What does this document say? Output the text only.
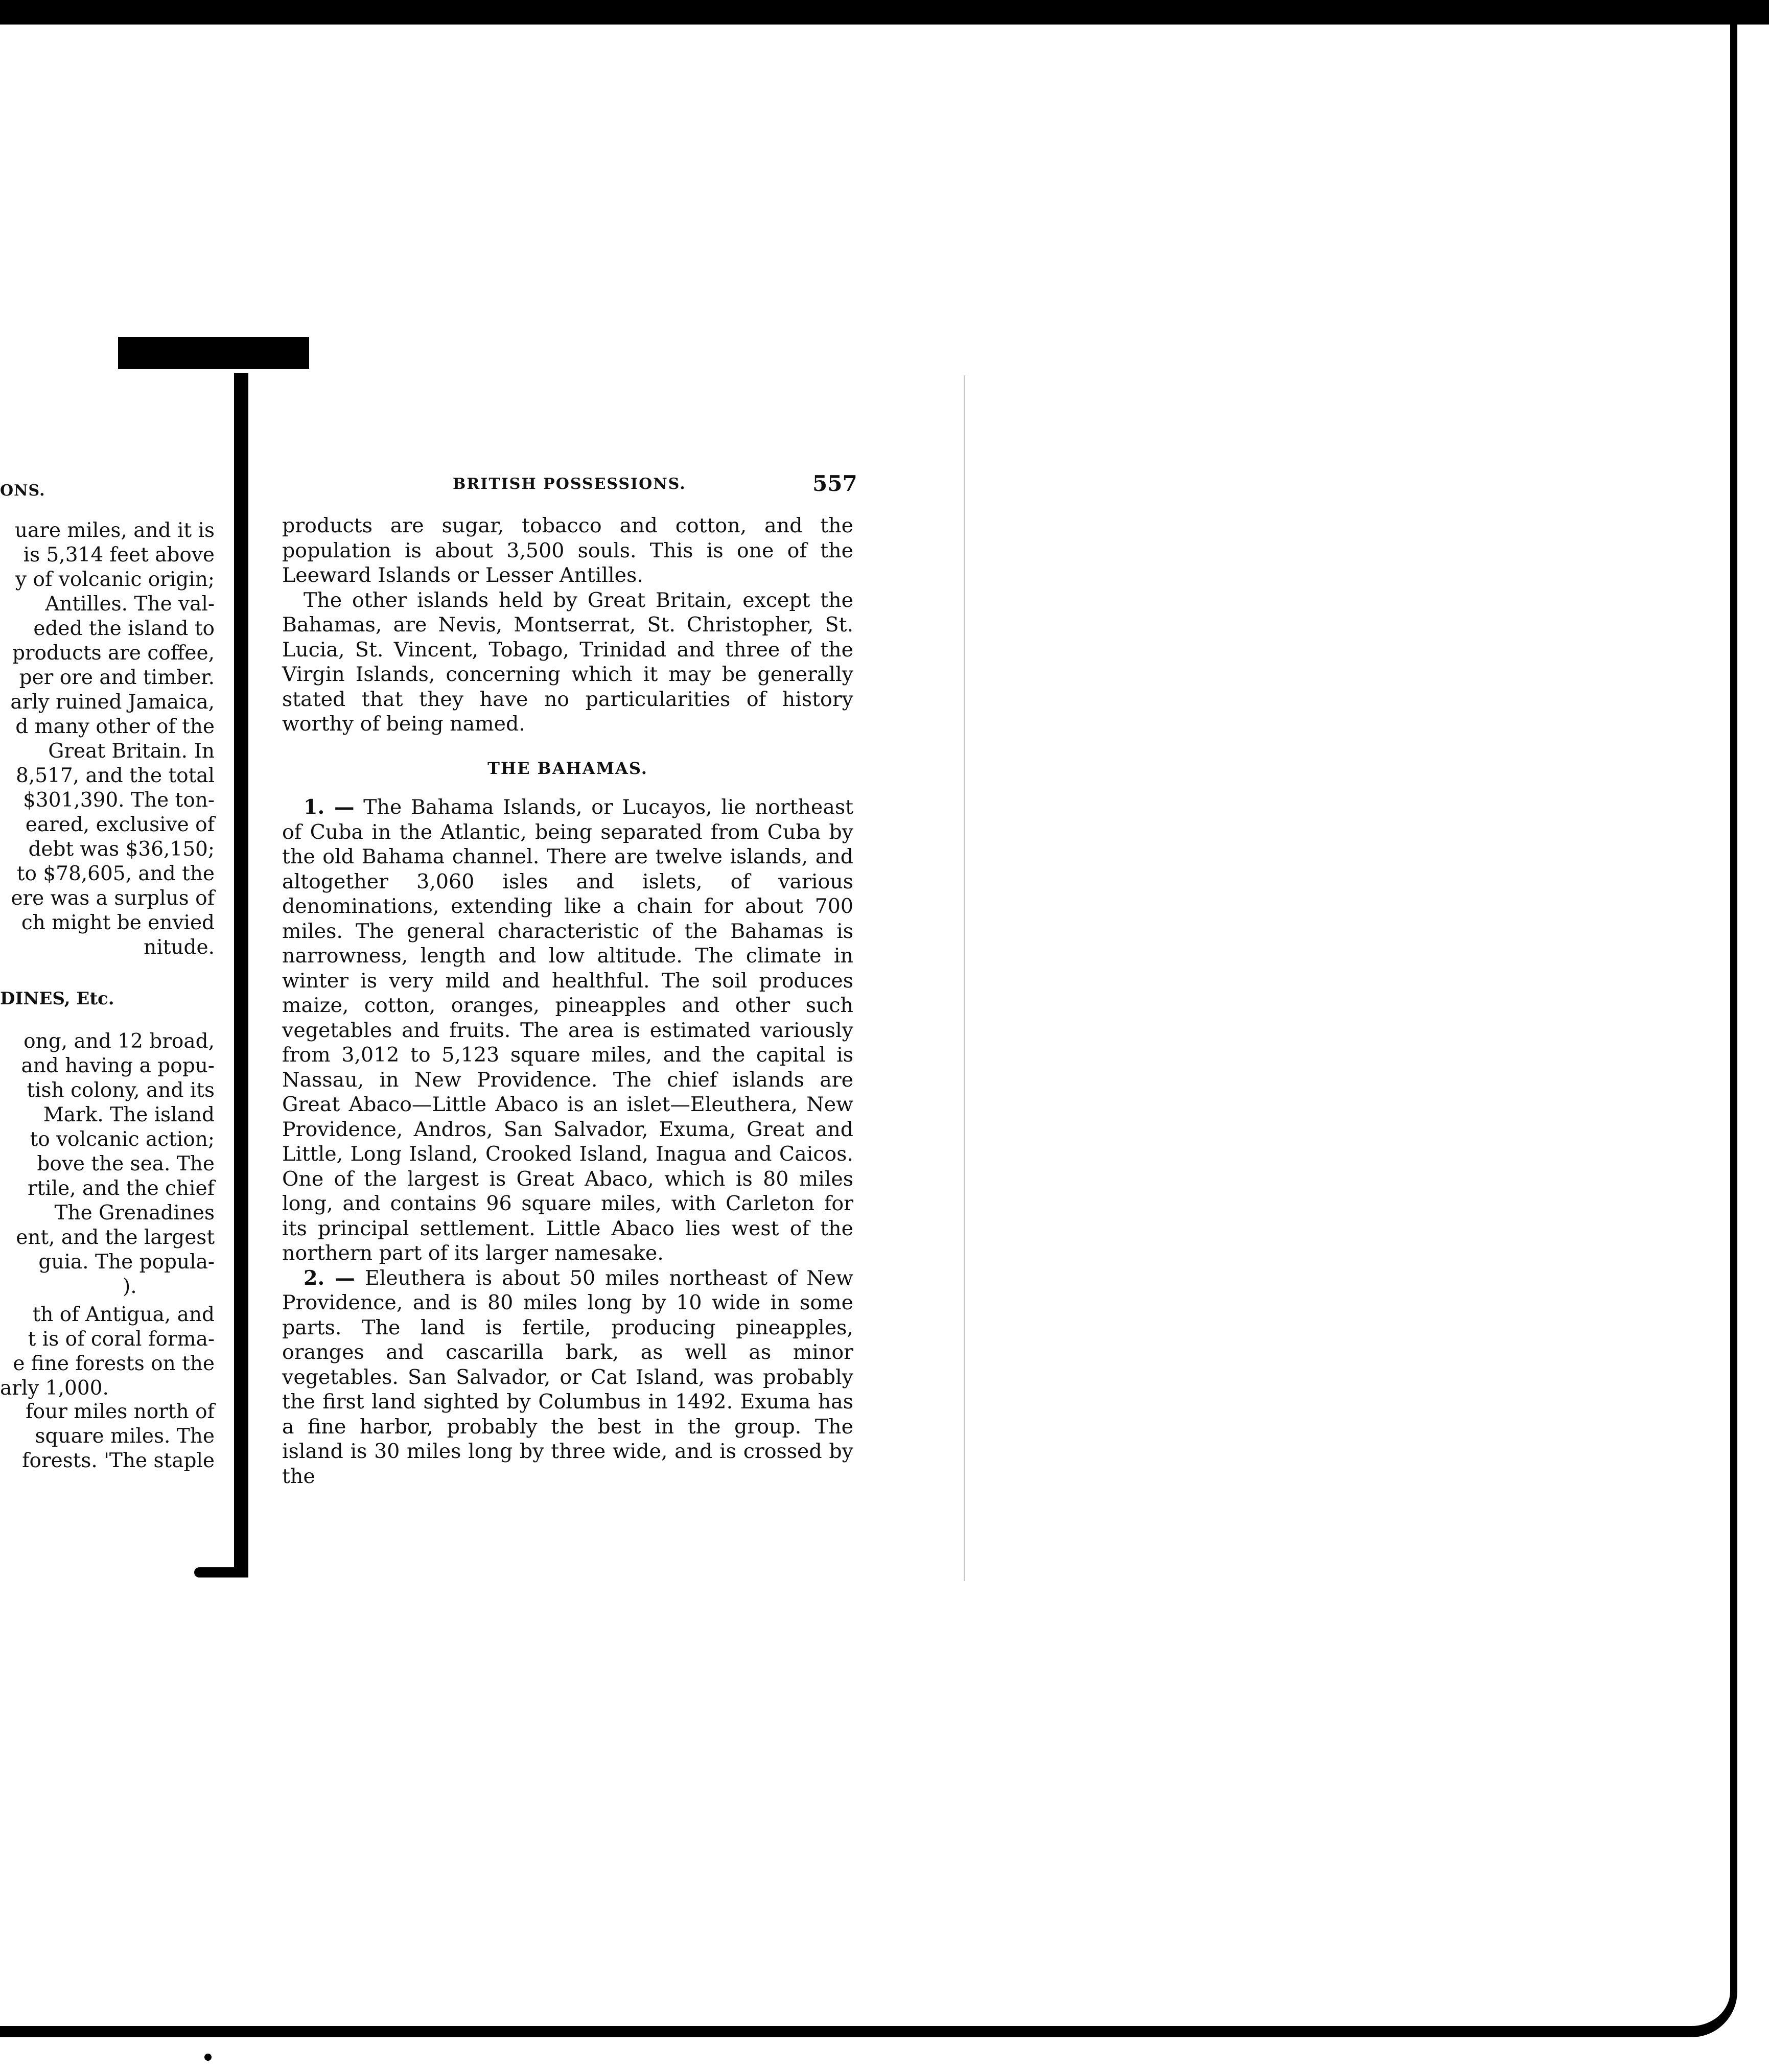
ONS.
uare miles, and it is
is 5,314 feet above
y of volcanic origin;
Antilles. The val-
eded the island to
products are coffee,
per ore and timber.
arly ruined Jamaica,
d many other of the
Great Britain. In
8,517, and the total
$301,390. The ton-
eared, exclusive of
debt was $36,150;
to $78,605, and the
ere was a surplus of
ch might be envied
nitude.
DINES, Etc.
ong, and 12 broad,
and having a popu-
tish colony, and its
Mark. The island
to volcanic action;
bove the sea. The
rtile, and the chief
The Grenadines
ent, and the largest
guia. The popula-
).
th of Antigua, and
t is of coral forma-
e fine forests on the
arly 1,000.
four miles north of
square miles. The
forests. 'The staple
BRITISH POSSESSIONS.	557

products are sugar, tobacco and cotton, and the population is about 3,500 souls. This is one of the Leeward Islands or Lesser Antilles.

The other islands held by Great Britain, except the Bahamas, are Nevis, Montserrat, St. Christopher, St. Lucia, St. Vincent, Tobago, Trinidad and three of the Virgin Islands, concerning which it may be generally stated that they have no particularities of history worthy of being named.

THE BAHAMAS.

1. — The Bahama Islands, or Lucayos, lie northeast of Cuba in the Atlantic, being separated from Cuba by the old Bahama channel. There are twelve islands, and altogether 3,060 isles and islets, of various denominations, extending like a chain for about 700 miles. The general characteristic of the Bahamas is narrowness, length and low altitude. The climate in winter is very mild and healthful. The soil produces maize, cotton, oranges, pineapples and other such vegetables and fruits. The area is estimated variously from 3,012 to 5,123 square miles, and the capital is Nassau, in New Providence. The chief islands are Great Abaco—Little Abaco is an islet—Eleuthera, New Providence, Andros, San Salvador, Exuma, Great and Little, Long Island, Crooked Island, Inagua and Caicos. One of the largest is Great Abaco, which is 80 miles long, and contains 96 square miles, with Carleton for its principal settlement. Little Abaco lies west of the northern part of its larger namesake.

2. — Eleuthera is about 50 miles northeast of New Providence, and is 80 miles long by 10 wide in some parts. The land is fertile, producing pineapples, oranges and cascarilla bark, as well as minor vegetables. San Salvador, or Cat Island, was probably the first land sighted by Columbus in 1492. Exuma has a fine harbor, probably the best in the group. The island is 30 miles long by three wide, and is crossed by the
